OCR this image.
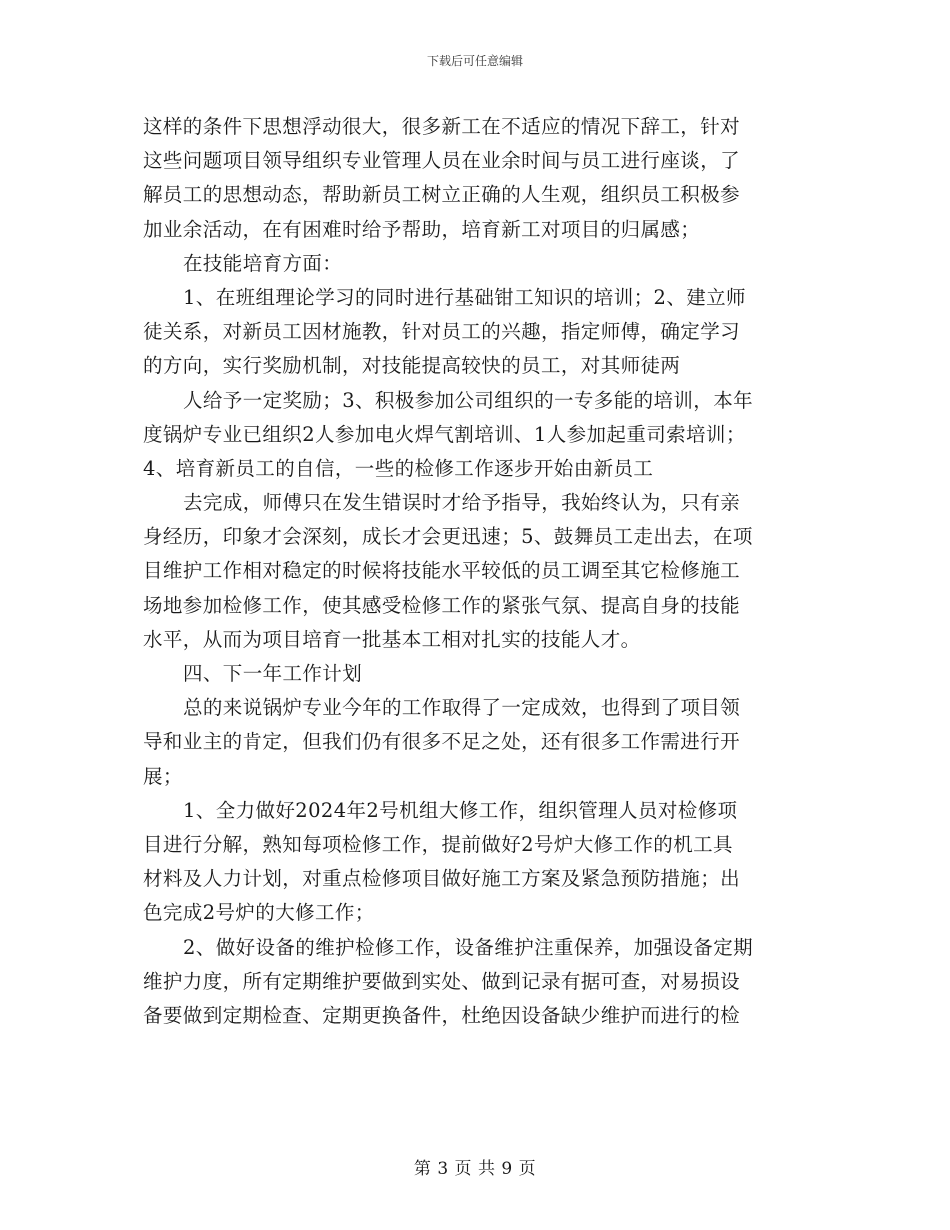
下载后可任意编辑
这样的条件下思想浮动很大，很多新工在不适应的情况下辞工，针对
这些问题项目领导组织专业管理人员在业余时间与员工进行座谈，了
解员工的思想动态，帮助新员工树立正确的人生观，组织员工积极参
加业余活动，在有困难时给予帮助，培育新工对项目的归属感；
在技能培育方面：
1、在班组理论学习的同时进行基础钳工知识的培训；2、建立师
徒关系，对新员工因材施教，针对员工的兴趣，指定师傅，确定学习
的方向，实行奖励机制，对技能提高较快的员工，对其师徒两
人给予一定奖励；3、积极参加公司组织的一专多能的培训，本年
度锅炉专业已组织2人参加电火焊气割培训、1人参加起重司索培训；
4、培育新员工的自信，一些的检修工作逐步开始由新员工
去完成，师傅只在发生错误时才给予指导，我始终认为，只有亲
身经历，印象才会深刻，成长才会更迅速；5、鼓舞员工走出去，在项
目维护工作相对稳定的时候将技能水平较低的员工调至其它检修施工
场地参加检修工作，使其感受检修工作的紧张气氛、提高自身的技能
水平，从而为项目培育一批基本工相对扎实的技能人才。
四、下一年工作计划
总的来说锅炉专业今年的工作取得了一定成效，也得到了项目领
导和业主的肯定，但我们仍有很多不足之处，还有很多工作需进行开
展；
1、全力做好2024年2号机组大修工作，组织管理人员对检修项
目进行分解，熟知每项检修工作，提前做好2号炉大修工作的机工具
材料及人力计划，对重点检修项目做好施工方案及紧急预防措施；出
色完成2号炉的大修工作；
2、做好设备的维护检修工作，设备维护注重保养，加强设备定期
维护力度，所有定期维护要做到实处、做到记录有据可查，对易损设
备要做到定期检查、定期更换备件，杜绝因设备缺少维护而进行的检
第 3 页 共 9 页
